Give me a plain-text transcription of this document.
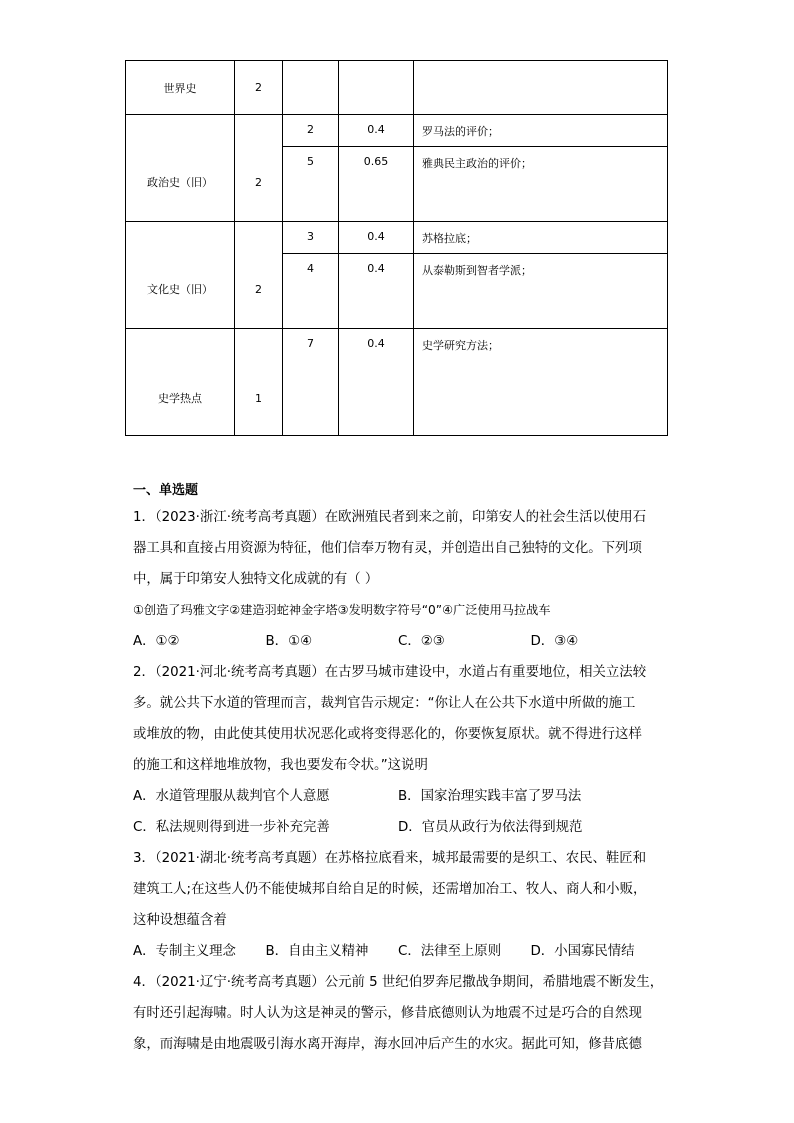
世界史	2			

政治史（旧）	2	2	0.4	罗马法的评价；
		5	0.65	雅典民主政治的评价；

文化史（旧）	2	3	0.4	苏格拉底；
		4	0.4	从泰勒斯到智者学派；

史学热点	1	7	0.4	史学研究方法；
一、单选题
1．（2023·浙江·统考高考真题）在欧洲殖民者到来之前，印第安人的社会生活以使用石
器工具和直接占用资源为特征，他们信奉万物有灵，并创造出自己独特的文化。下列项
中，属于印第安人独特文化成就的有（ ）
①创造了玛雅文字②建造羽蛇神金字塔③发明数字符号“0”④广泛使用马拉战车
A．①②	B．①④	C．②③	D．③④
2．（2021·河北·统考高考真题）在古罗马城市建设中，水道占有重要地位，相关立法较
多。就公共下水道的管理而言，裁判官告示规定：“你让人在公共下水道中所做的施工
或堆放的物，由此使其使用状况恶化或将变得恶化的，你要恢复原状。就不得进行这样
的施工和这样地堆放物，我也要发布令状。”这说明
A．水道管理服从裁判官个人意愿	B．国家治理实践丰富了罗马法
C．私法规则得到进一步补充完善	D．官员从政行为依法得到规范
3．（2021·湖北·统考高考真题）在苏格拉底看来，城邦最需要的是织工、农民、鞋匠和
建筑工人;在这些人仍不能使城邦自给自足的时候，还需增加冶工、牧人、商人和小贩，
这种设想蕴含着
A．专制主义理念	B．自由主义精神	C．法律至上原则	D．小国寡民情结
4．（2021·辽宁·统考高考真题）公元前 5 世纪伯罗奔尼撒战争期间，希腊地震不断发生，
有时还引起海啸。时人认为这是神灵的警示，修昔底德则认为地震不过是巧合的自然现
象，而海啸是由地震吸引海水离开海岸，海水回冲后产生的水灾。据此可知，修昔底德
